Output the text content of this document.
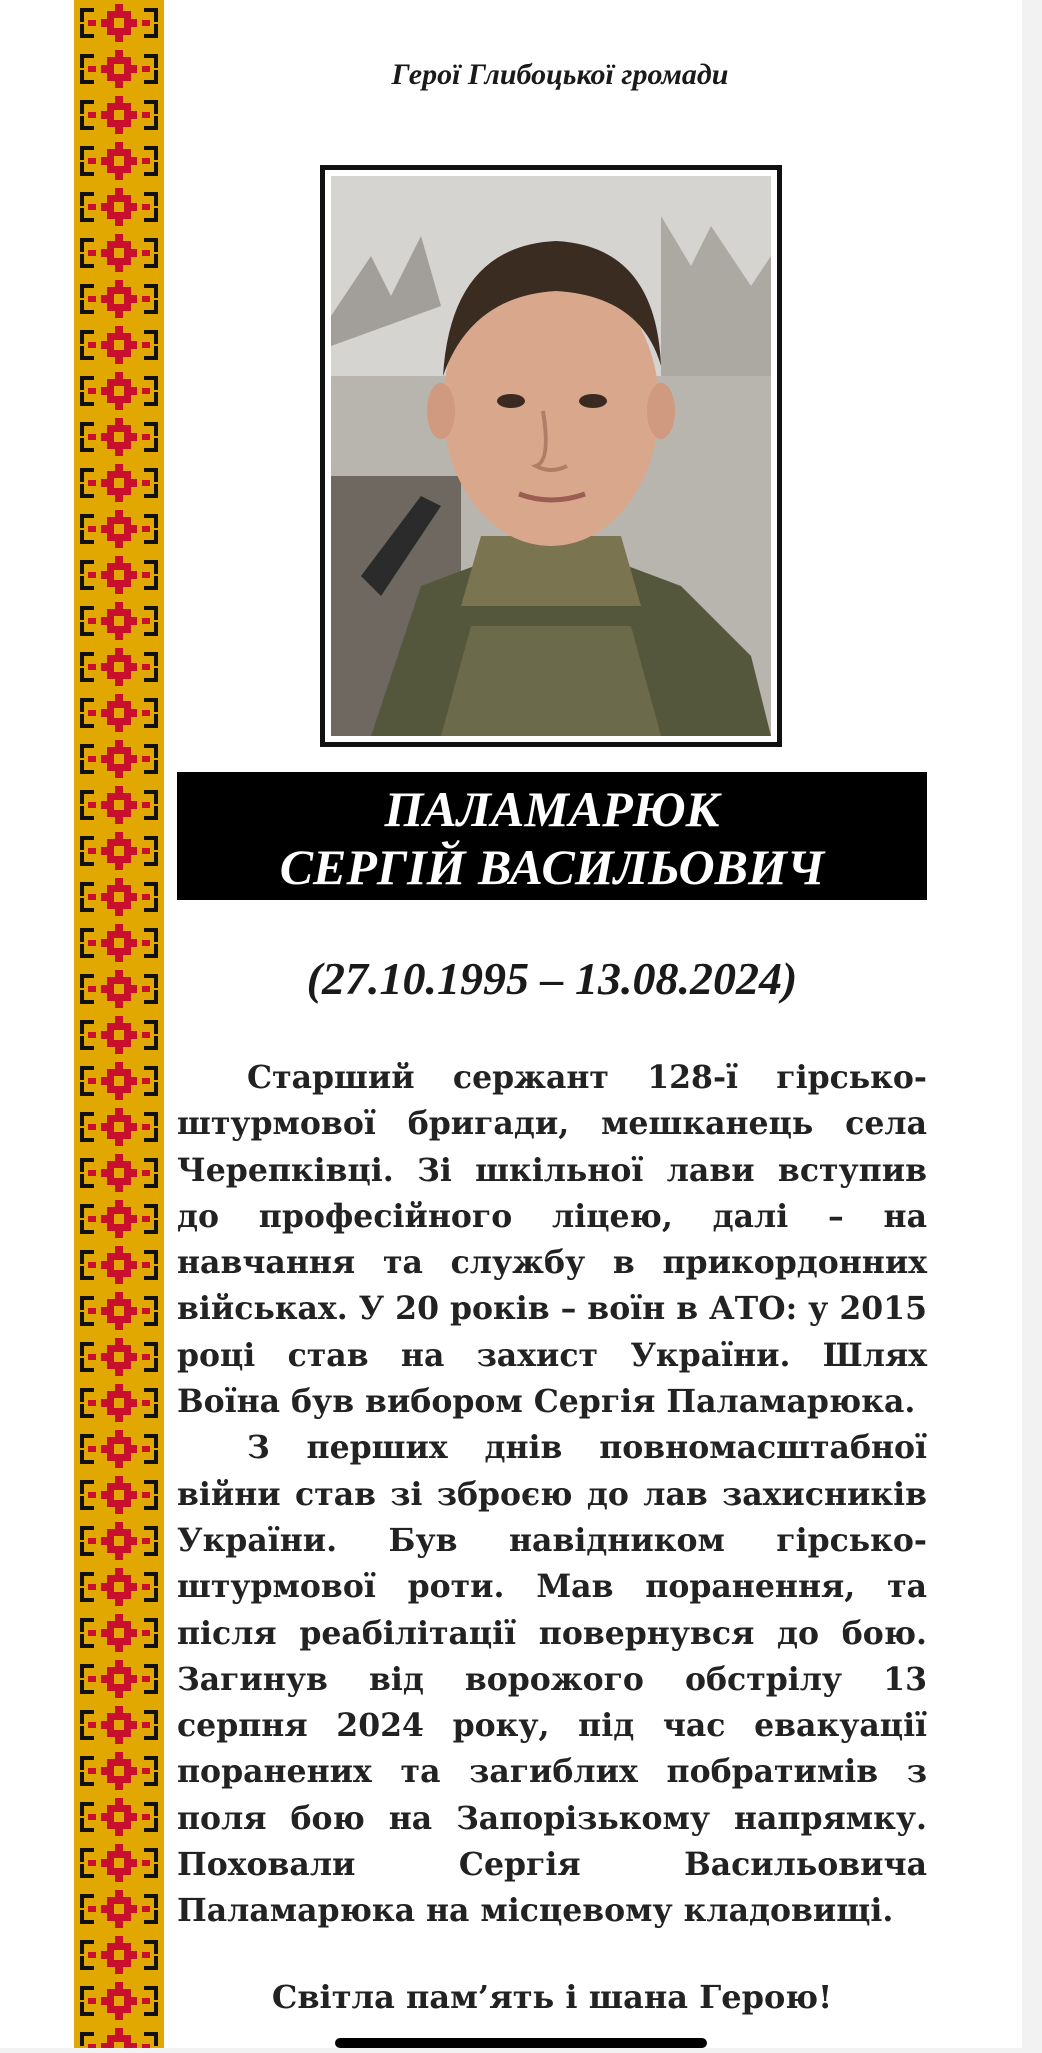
Герої Глибоцької громади
ПАЛАМАРЮК
СЕРГІЙ ВАСИЛЬОВИЧ
(27.10.1995 – 13.08.2024)

Старший сержант 128-ї гірськоштурмової бригади, мешканець села Черепківці. Зі шкільної лави вступив до професійного ліцею, далі – на навчання та службу в прикордонних військах. У 20 років – воїн в АТО: у 2015 році став на захист України. Шлях Воїна був вибором Сергія Паламарюка.

З перших днів повномасштабної війни став зі зброєю до лав захисників України. Був навідником гірськоштурмової роти. Мав поранення, та після реабілітації повернувся до бою. Загинув від ворожого обстрілу 13 серпня 2024 року, під час евакуації поранених та загиблих побратимів з поля бою на Запорізькому напрямку. Поховали Сергія Васильовича Паламарюка на місцевому кладовищі.

Світла пам’ять і шана Герою!
